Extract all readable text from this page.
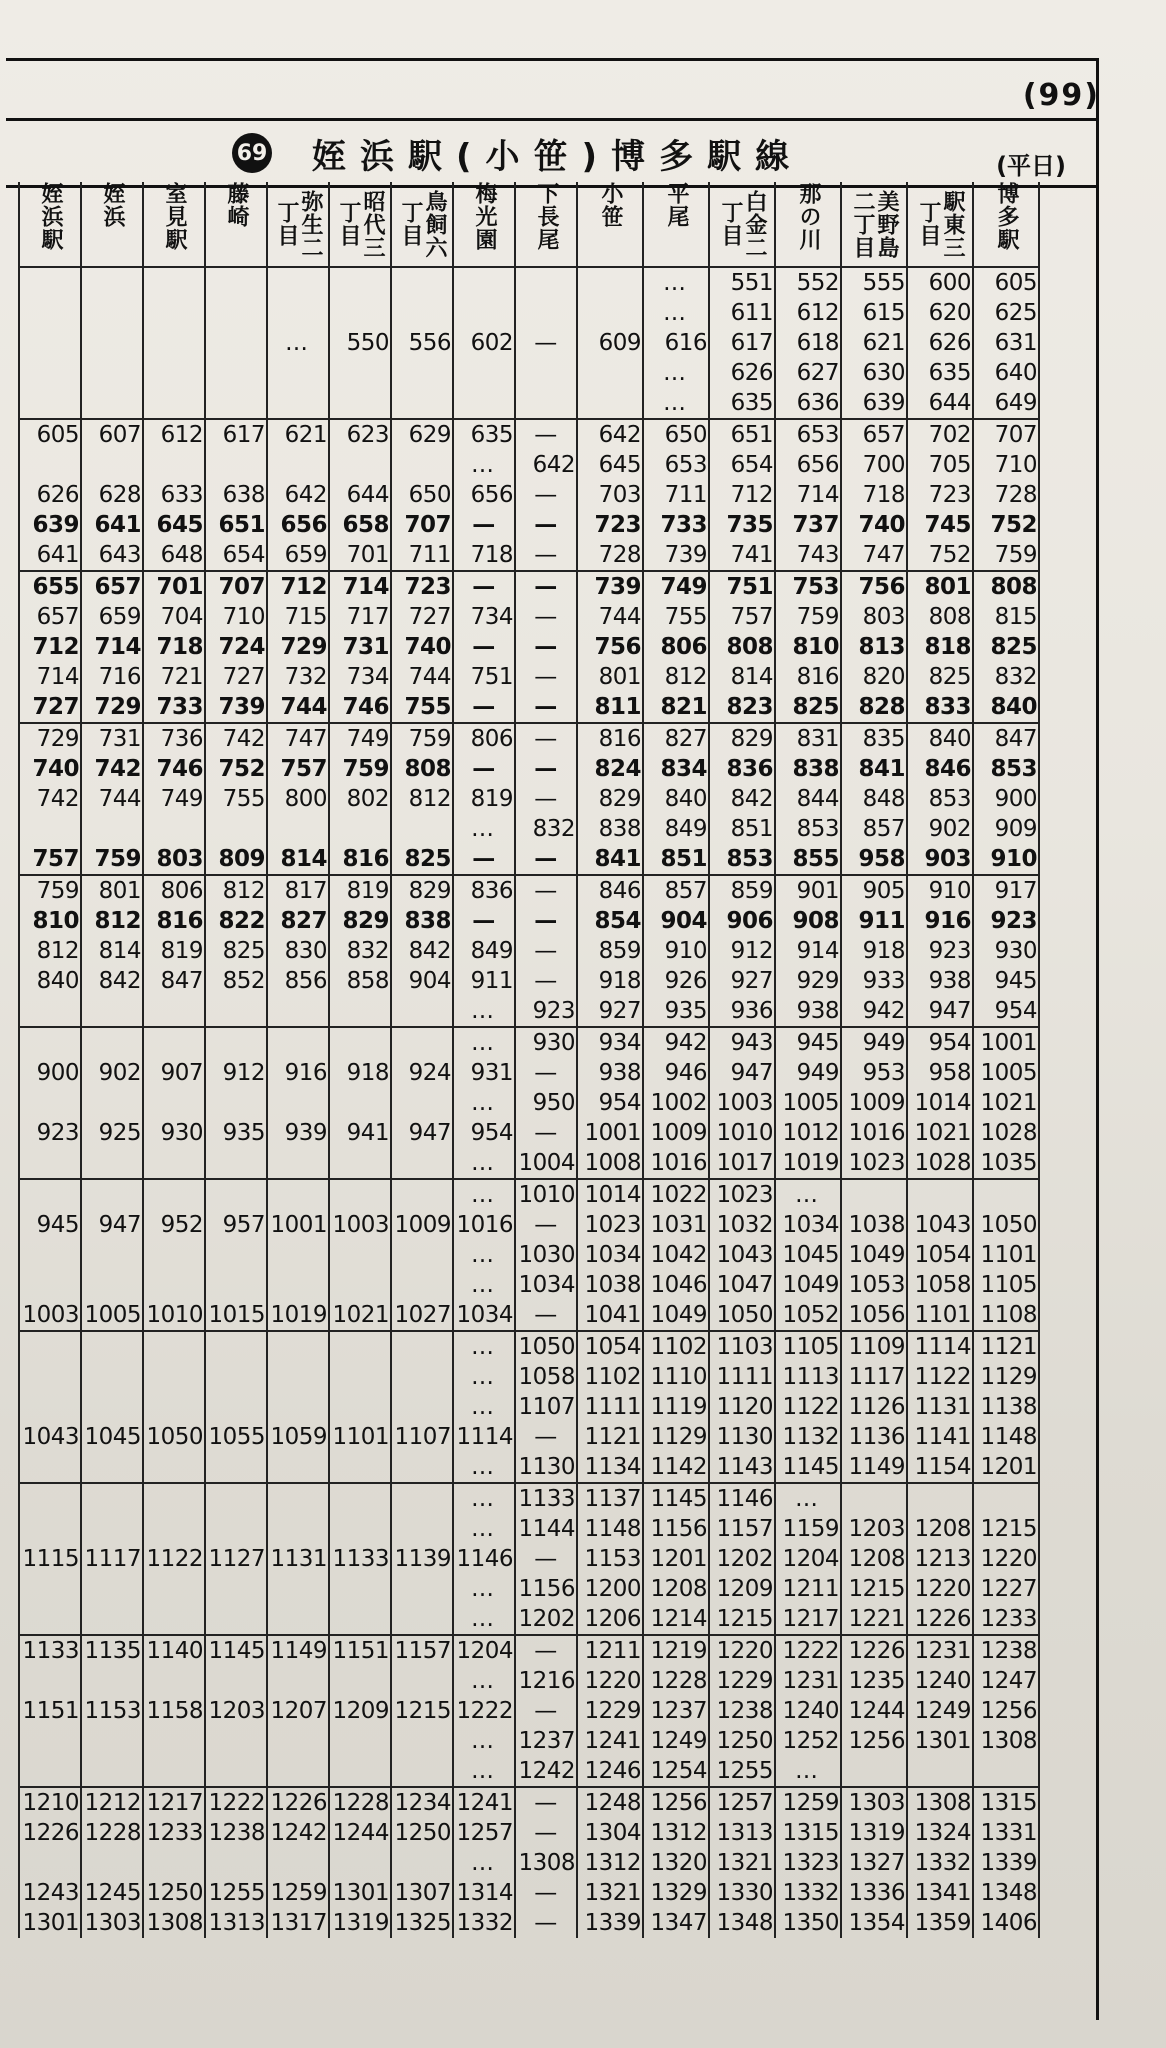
(99)
69 姪浜駅(小笹)博多駅線	(平日)
姪浜駅	姪浜	室見駅	藤崎	弥生二丁目	昭代三丁目	鳥飼六丁目	梅光園	下長尾	小笹	平尾	白金二丁目	那の川	美野島二丁目	駅東三丁目	博多駅

										…	551	552	555	600	605
										…	611	612	615	620	625
				…	550	556	602	—	609	616	617	618	621	626	631
										…	626	627	630	635	640
										…	635	636	639	644	649
605	607	612	617	621	623	629	635	—	642	650	651	653	657	702	707
							…	642	645	653	654	656	700	705	710
626	628	633	638	642	644	650	656	—	703	711	712	714	718	723	728
639	641	645	651	656	658	707	—	—	723	733	735	737	740	745	752
641	643	648	654	659	701	711	718	—	728	739	741	743	747	752	759
655	657	701	707	712	714	723	—	—	739	749	751	753	756	801	808
657	659	704	710	715	717	727	734	—	744	755	757	759	803	808	815
712	714	718	724	729	731	740	—	—	756	806	808	810	813	818	825
714	716	721	727	732	734	744	751	—	801	812	814	816	820	825	832
727	729	733	739	744	746	755	—	—	811	821	823	825	828	833	840
729	731	736	742	747	749	759	806	—	816	827	829	831	835	840	847
740	742	746	752	757	759	808	—	—	824	834	836	838	841	846	853
742	744	749	755	800	802	812	819	—	829	840	842	844	848	853	900
							…	832	838	849	851	853	857	902	909
757	759	803	809	814	816	825	—	—	841	851	853	855	958	903	910
759	801	806	812	817	819	829	836	—	846	857	859	901	905	910	917
810	812	816	822	827	829	838	—	—	854	904	906	908	911	916	923
812	814	819	825	830	832	842	849	—	859	910	912	914	918	923	930
840	842	847	852	856	858	904	911	—	918	926	927	929	933	938	945
							…	923	927	935	936	938	942	947	954
							…	930	934	942	943	945	949	954	1001
900	902	907	912	916	918	924	931	—	938	946	947	949	953	958	1005
							…	950	954	1002	1003	1005	1009	1014	1021
923	925	930	935	939	941	947	954	—	1001	1009	1010	1012	1016	1021	1028
							…	1004	1008	1016	1017	1019	1023	1028	1035
							…	1010	1014	1022	1023	…			
945	947	952	957	1001	1003	1009	1016	—	1023	1031	1032	1034	1038	1043	1050
							…	1030	1034	1042	1043	1045	1049	1054	1101
							…	1034	1038	1046	1047	1049	1053	1058	1105
1003	1005	1010	1015	1019	1021	1027	1034	—	1041	1049	1050	1052	1056	1101	1108
							…	1050	1054	1102	1103	1105	1109	1114	1121
							…	1058	1102	1110	1111	1113	1117	1122	1129
							…	1107	1111	1119	1120	1122	1126	1131	1138
1043	1045	1050	1055	1059	1101	1107	1114	—	1121	1129	1130	1132	1136	1141	1148
							…	1130	1134	1142	1143	1145	1149	1154	1201
							…	1133	1137	1145	1146	…			
							…	1144	1148	1156	1157	1159	1203	1208	1215
1115	1117	1122	1127	1131	1133	1139	1146	—	1153	1201	1202	1204	1208	1213	1220
							…	1156	1200	1208	1209	1211	1215	1220	1227
							…	1202	1206	1214	1215	1217	1221	1226	1233
1133	1135	1140	1145	1149	1151	1157	1204	—	1211	1219	1220	1222	1226	1231	1238
							…	1216	1220	1228	1229	1231	1235	1240	1247
1151	1153	1158	1203	1207	1209	1215	1222	—	1229	1237	1238	1240	1244	1249	1256
							…	1237	1241	1249	1250	1252	1256	1301	1308
							…	1242	1246	1254	1255	…			
1210	1212	1217	1222	1226	1228	1234	1241	—	1248	1256	1257	1259	1303	1308	1315
1226	1228	1233	1238	1242	1244	1250	1257	—	1304	1312	1313	1315	1319	1324	1331
							…	1308	1312	1320	1321	1323	1327	1332	1339
1243	1245	1250	1255	1259	1301	1307	1314	—	1321	1329	1330	1332	1336	1341	1348
1301	1303	1308	1313	1317	1319	1325	1332	—	1339	1347	1348	1350	1354	1359	1406
